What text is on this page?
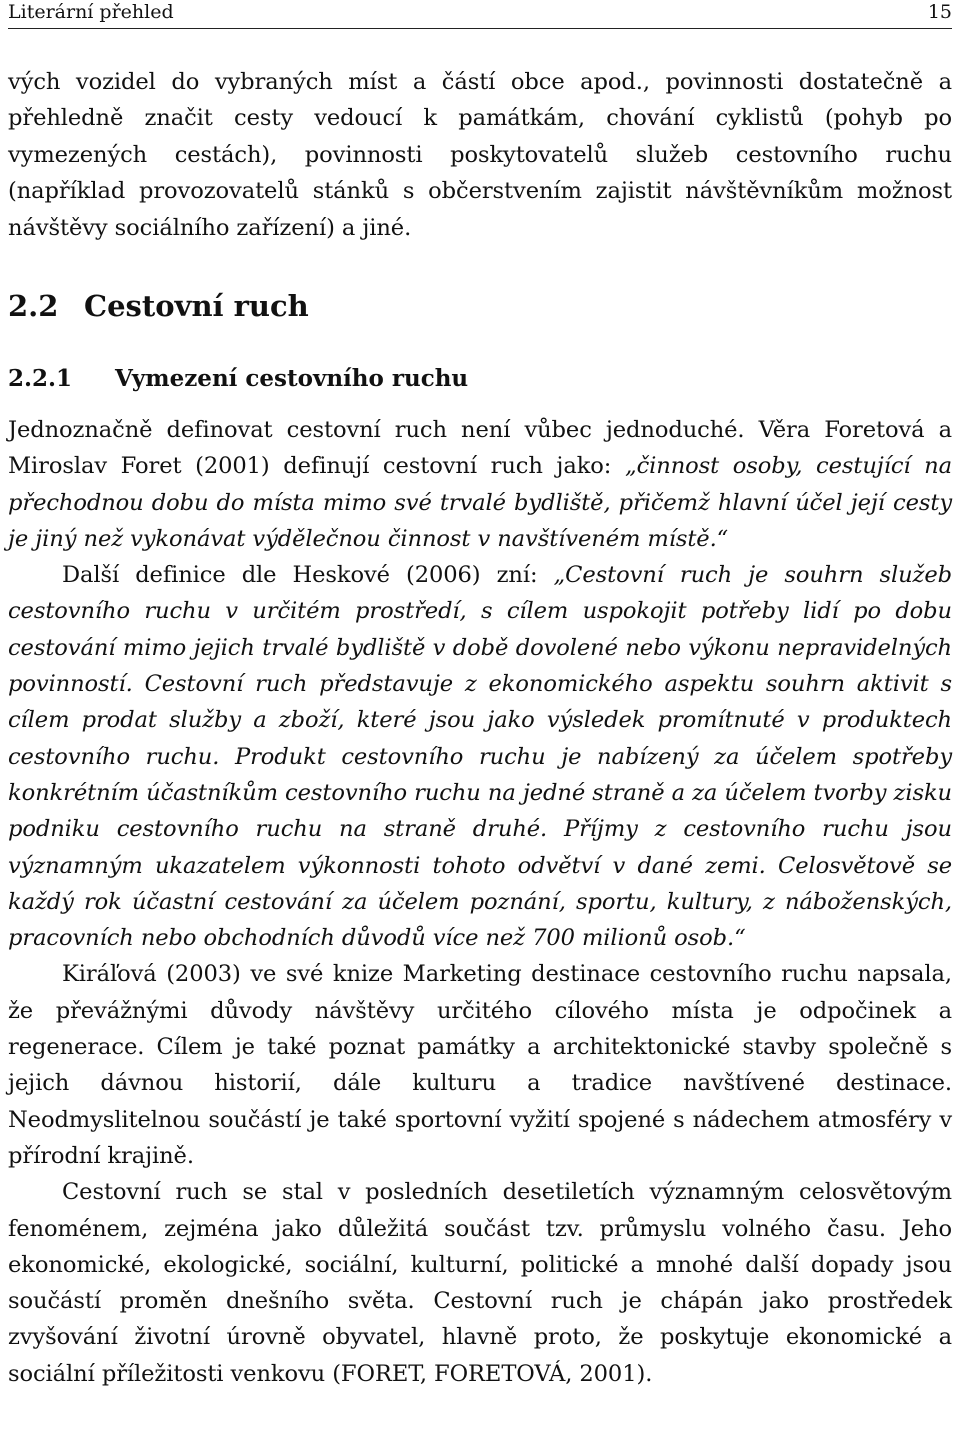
Literární přehled	15

vých vozidel do vybraných míst a částí obce apod., povinnosti dostatečně a přehledně značit cesty vedoucí k památkám, chování cyklistů (pohyb po vymezených cestách), povinnosti poskytovatelů služeb cestovního ruchu (například provozovatelů stánků s občerstvením zajistit návštěvníkům možnost návštěvy sociálního zařízení) a jiné.

2.2 Cestovní ruch
2.2.1 Vymezení cestovního ruchu

Jednoznačně definovat cestovní ruch není vůbec jednoduché. Věra Foretová a Miroslav Foret (2001) definují cestovní ruch jako: „činnost osoby, cestující na přechodnou dobu do místa mimo své trvalé bydliště, přičemž hlavní účel její cesty je jiný než vykonávat výdělečnou činnost v navštíveném místě.“

Další definice dle Heskové (2006) zní: „Cestovní ruch je souhrn služeb cestovního ruchu v určitém prostředí, s cílem uspokojit potřeby lidí po dobu cestování mimo jejich trvalé bydliště v době dovolené nebo výkonu nepravidelných povinností. Cestovní ruch představuje z ekonomického aspektu souhrn aktivit s cílem prodat služby a zboží, které jsou jako výsledek promítnuté v produktech cestovního ruchu. Produkt cestovního ruchu je nabízený za účelem spotřeby konkrétním účastníkům cestovního ruchu na jedné straně a za účelem tvorby zisku podniku cestovního ruchu na straně druhé. Příjmy z cestovního ruchu jsou významným ukazatelem výkonnosti tohoto odvětví v dané zemi. Celosvětově se každý rok účastní cestování za účelem poznání, sportu, kultury, z náboženských, pracovních nebo obchodních důvodů více než 700 milionů osob.“

Kiráľová (2003) ve své knize Marketing destinace cestovního ruchu napsala, že převážnými důvody návštěvy určitého cílového místa je odpočinek a regenerace. Cílem je také poznat památky a architektonické stavby společně s jejich dávnou historií, dále kulturu a tradice navštívené destinace. Neodmyslitelnou součástí je také sportovní vyžití spojené s nádechem atmosféry v přírodní krajině.

Cestovní ruch se stal v posledních desetiletích významným celosvětovým fenoménem, zejména jako důležitá součást tzv. průmyslu volného času. Jeho ekonomické, ekologické, sociální, kulturní, politické a mnohé další dopady jsou součástí proměn dnešního světa. Cestovní ruch je chápán jako prostředek zvyšování životní úrovně obyvatel, hlavně proto, že poskytuje ekonomické a sociální příležitosti venkovu (FORET, FORETOVÁ, 2001).
